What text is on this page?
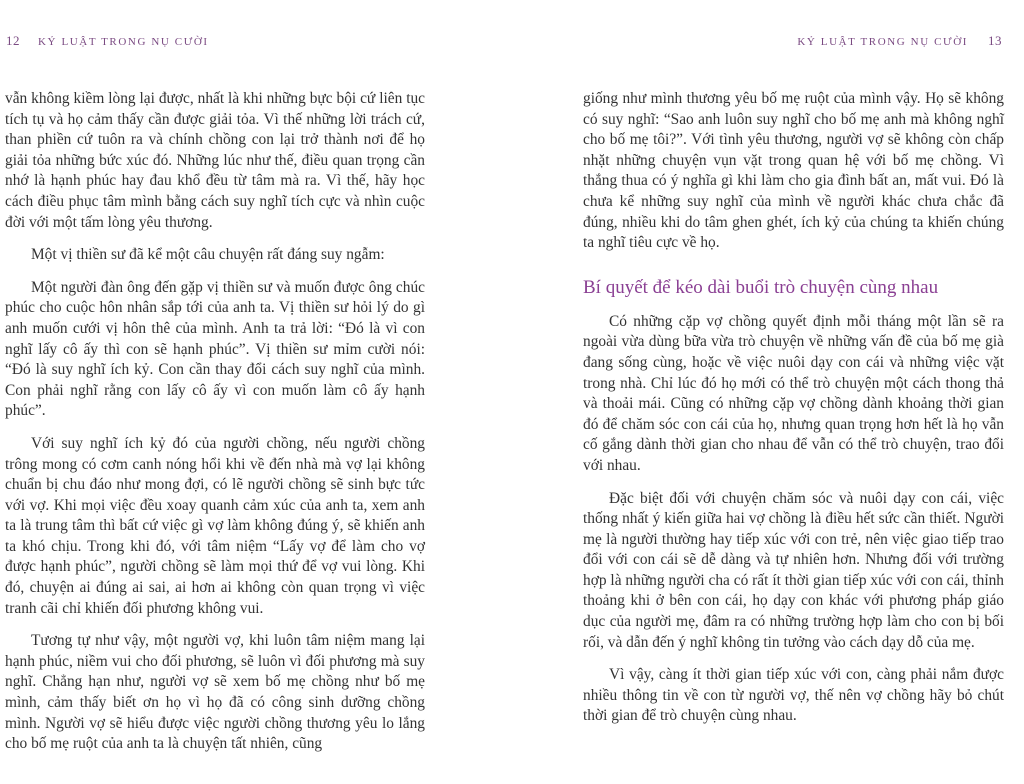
12 KỶ LUẬT TRONG NỤ CƯỜI

vẫn không kiềm lòng lại được, nhất là khi những bực bội cứ liên tục tích tụ và họ cảm thấy cần được giải tỏa. Vì thế những lời trách cứ, than phiền cứ tuôn ra và chính chồng con lại trở thành nơi để họ giải tỏa những bức xúc đó. Những lúc như thế, điều quan trọng cần nhớ là hạnh phúc hay đau khổ đều từ tâm mà ra. Vì thế, hãy học cách điều phục tâm mình bằng cách suy nghĩ tích cực và nhìn cuộc đời với một tấm lòng yêu thương.

Một vị thiền sư đã kể một câu chuyện rất đáng suy ngẫm:

Một người đàn ông đến gặp vị thiền sư và muốn được ông chúc phúc cho cuộc hôn nhân sắp tới của anh ta. Vị thiền sư hỏi lý do gì anh muốn cưới vị hôn thê của mình. Anh ta trả lời: “Đó là vì con nghĩ lấy cô ấy thì con sẽ hạnh phúc”. Vị thiền sư mỉm cười nói: “Đó là suy nghĩ ích kỷ. Con cần thay đổi cách suy nghĩ của mình. Con phải nghĩ rằng con lấy cô ấy vì con muốn làm cô ấy hạnh phúc”.

Với suy nghĩ ích kỷ đó của người chồng, nếu người chồng trông mong có cơm canh nóng hổi khi về đến nhà mà vợ lại không chuẩn bị chu đáo như mong đợi, có lẽ người chồng sẽ sinh bực tức với vợ. Khi mọi việc đều xoay quanh cảm xúc của anh ta, xem anh ta là trung tâm thì bất cứ việc gì vợ làm không đúng ý, sẽ khiến anh ta khó chịu. Trong khi đó, với tâm niệm “Lấy vợ để làm cho vợ được hạnh phúc”, người chồng sẽ làm mọi thứ để vợ vui lòng. Khi đó, chuyện ai đúng ai sai, ai hơn ai không còn quan trọng vì việc tranh cãi chỉ khiến đối phương không vui.

Tương tự như vậy, một người vợ, khi luôn tâm niệm mang lại hạnh phúc, niềm vui cho đối phương, sẽ luôn vì đối phương mà suy nghĩ. Chẳng hạn như, người vợ sẽ xem bố mẹ chồng như bố mẹ mình, cảm thấy biết ơn họ vì họ đã có công sinh dưỡng chồng mình. Người vợ sẽ hiểu được việc người chồng thương yêu lo lắng cho bố mẹ ruột của anh ta là chuyện tất nhiên, cũng

KỶ LUẬT TRONG NỤ CƯỜI 13

giống như mình thương yêu bố mẹ ruột của mình vậy. Họ sẽ không có suy nghĩ: “Sao anh luôn suy nghĩ cho bố mẹ anh mà không nghĩ cho bố mẹ tôi?”. Với tình yêu thương, người vợ sẽ không còn chấp nhặt những chuyện vụn vặt trong quan hệ với bố mẹ chồng. Vì thắng thua có ý nghĩa gì khi làm cho gia đình bất an, mất vui. Đó là chưa kể những suy nghĩ của mình về người khác chưa chắc đã đúng, nhiều khi do tâm ghen ghét, ích kỷ của chúng ta khiến chúng ta nghĩ tiêu cực về họ.

Bí quyết để kéo dài buổi trò chuyện cùng nhau

Có những cặp vợ chồng quyết định mỗi tháng một lần sẽ ra ngoài vừa dùng bữa vừa trò chuyện về những vấn đề của bố mẹ già đang sống cùng, hoặc về việc nuôi dạy con cái và những việc vặt trong nhà. Chỉ lúc đó họ mới có thể trò chuyện một cách thong thả và thoải mái. Cũng có những cặp vợ chồng dành khoảng thời gian đó để chăm sóc con cái của họ, nhưng quan trọng hơn hết là họ vẫn cố gắng dành thời gian cho nhau để vẫn có thể trò chuyện, trao đổi với nhau.

Đặc biệt đối với chuyện chăm sóc và nuôi dạy con cái, việc thống nhất ý kiến giữa hai vợ chồng là điều hết sức cần thiết. Người mẹ là người thường hay tiếp xúc với con trẻ, nên việc giao tiếp trao đổi với con cái sẽ dễ dàng và tự nhiên hơn. Nhưng đối với trường hợp là những người cha có rất ít thời gian tiếp xúc với con cái, thỉnh thoảng khi ở bên con cái, họ dạy con khác với phương pháp giáo dục của người mẹ, đâm ra có những trường hợp làm cho con bị bối rối, và dẫn đến ý nghĩ không tin tưởng vào cách dạy dỗ của mẹ.

Vì vậy, càng ít thời gian tiếp xúc với con, càng phải nắm được nhiều thông tin về con từ người vợ, thế nên vợ chồng hãy bỏ chút thời gian để trò chuyện cùng nhau.
